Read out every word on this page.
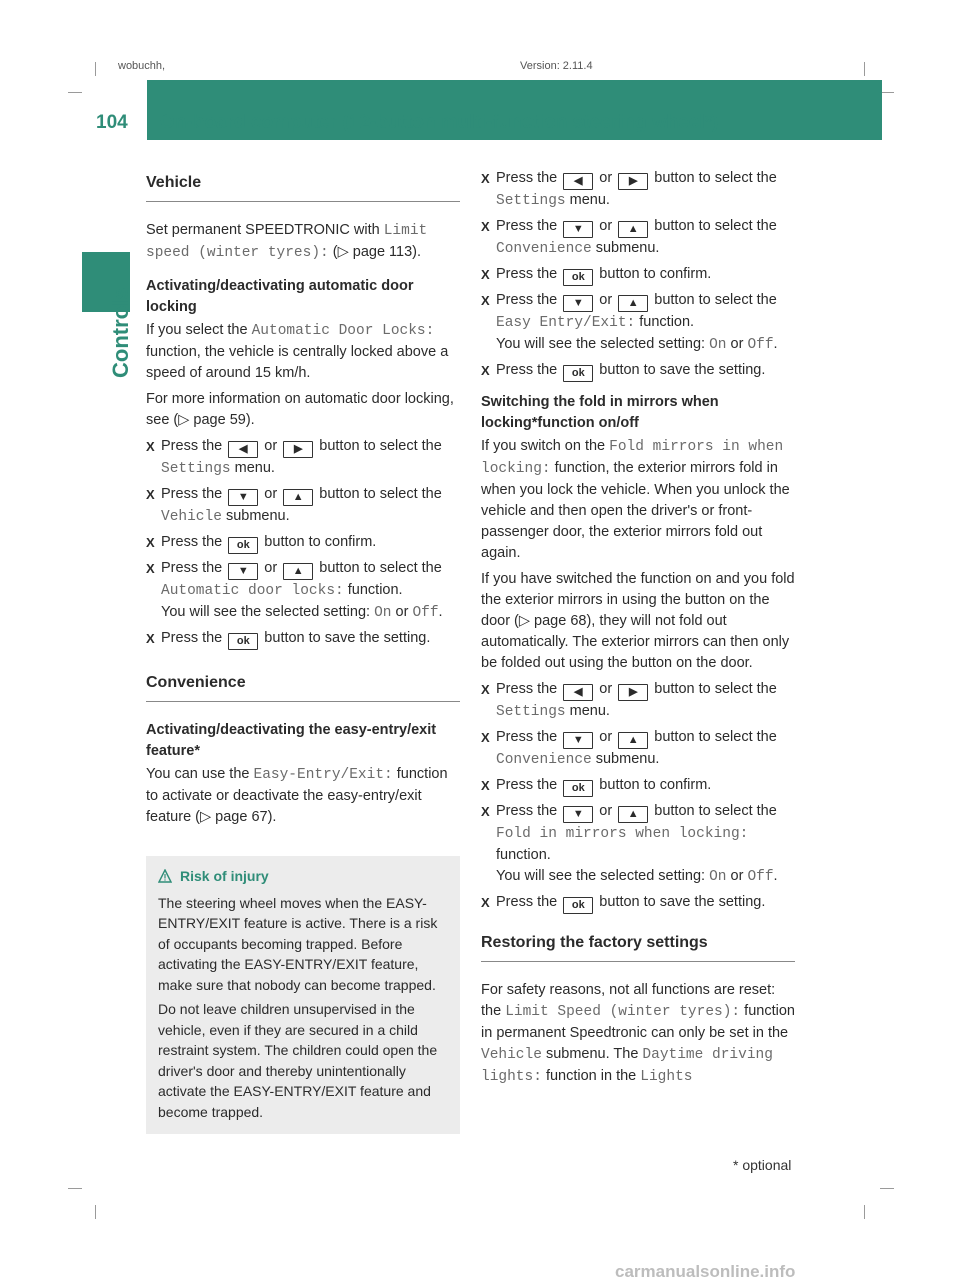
wobuchh,	Version: 2.11.4
104	On-board computer (12-button multi-function steering wheel*)
Controls
Vehicle

Set permanent SPEEDTRONIC with Limit speed (winter tyres): (▷ page 113).

Activating/deactivating automatic door locking

If you select the Automatic Door Locks: function, the vehicle is centrally locked above a speed of around 15 km/h.

For more information on automatic door locking, see (▷ page 59).

X Press the ◀ or ▶ button to select the Settings menu.
X Press the ▼ or ▲ button to select the Vehicle submenu.
X Press the ok button to confirm.
X Press the ▼ or ▲ button to select the Automatic door locks: function.
You will see the selected setting: On or Off.
X Press the ok button to save the setting.
Convenience

Activating/deactivating the easy-entry/exit feature*

You can use the Easy-Entry/Exit: function to activate or deactivate the easy-entry/exit feature (▷ page 67).

Risk of injury

The steering wheel moves when the EASY-ENTRY/EXIT feature is active. There is a risk of occupants becoming trapped. Before activating the EASY-ENTRY/EXIT feature, make sure that nobody can become trapped.

Do not leave children unsupervised in the vehicle, even if they are secured in a child restraint system. The children could open the driver's door and thereby unintentionally activate the EASY-ENTRY/EXIT feature and become trapped.

X Press the ◀ or ▶ button to select the Settings menu.
X Press the ▼ or ▲ button to select the Convenience submenu.
X Press the ok button to confirm.
X Press the ▼ or ▲ button to select the Easy Entry/Exit: function.
You will see the selected setting: On or Off.
X Press the ok button to save the setting.

Switching the fold in mirrors when locking*function on/off

If you switch on the Fold mirrors in when locking: function, the exterior mirrors fold in when you lock the vehicle. When you unlock the vehicle and then open the driver's or front-passenger door, the exterior mirrors fold out again.

If you have switched the function on and you fold the exterior mirrors in using the button on the door (▷ page 68), they will not fold out automatically. The exterior mirrors can then only be folded out using the button on the door.

X Press the ◀ or ▶ button to select the Settings menu.
X Press the ▼ or ▲ button to select the Convenience submenu.
X Press the ok button to confirm.
X Press the ▼ or ▲ button to select the Fold in mirrors when locking: function.
You will see the selected setting: On or Off.
X Press the ok button to save the setting.
Restoring the factory settings

For safety reasons, not all functions are reset: the Limit Speed (winter tyres): function in permanent Speedtronic can only be set in the Vehicle submenu. The Daytime driving lights: function in the Lights

* optional
carmanualsonline.info
